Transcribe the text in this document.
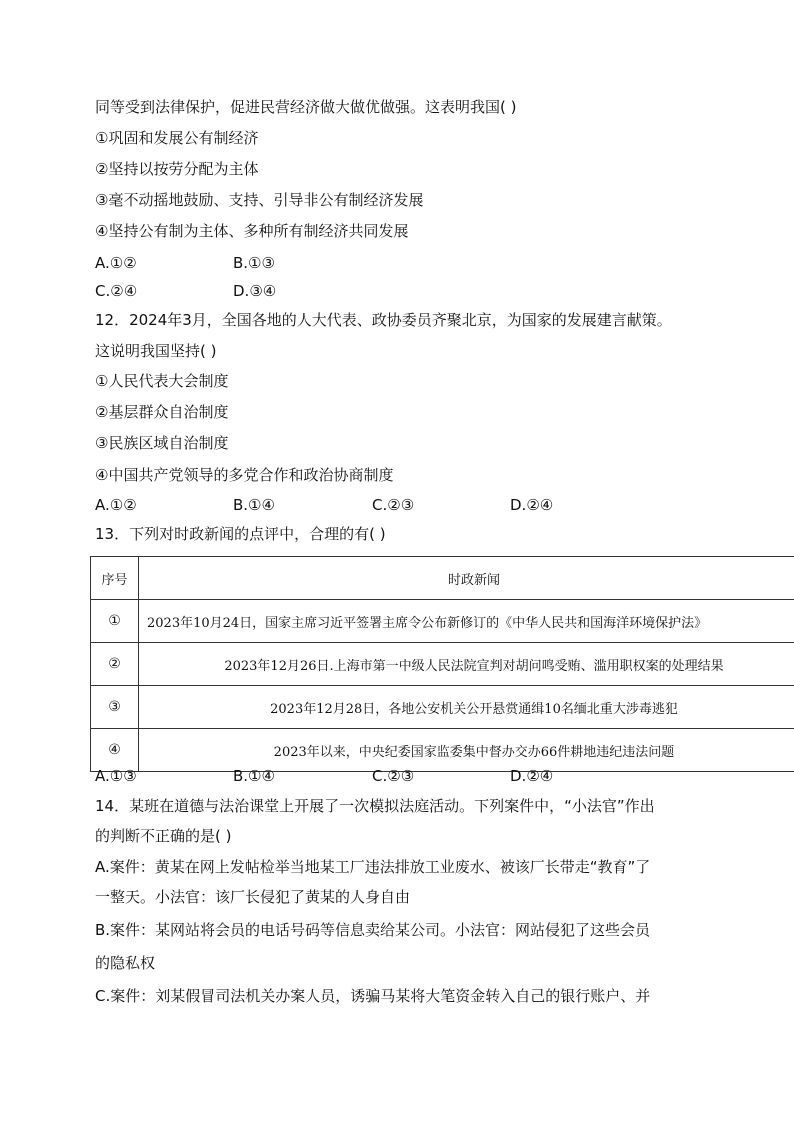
同等受到法律保护，促进民营经济做大做优做强。这表明我国( )
①巩固和发展公有制经济
②坚持以按劳分配为主体
③毫不动摇地鼓励、支持、引导非公有制经济发展
④坚持公有制为主体、多种所有制经济共同发展
A.①②	B.①③
C.②④	D.③④
12．2024年3月，全国各地的人大代表、政协委员齐聚北京，为国家的发展建言献策。
这说明我国坚持( )
①人民代表大会制度
②基层群众自治制度
③民族区域自治制度
④中国共产党领导的多党合作和政治协商制度
A.①②	B.①④	C.②③	D.②④
13．下列对时政新闻的点评中，合理的有( )
序号	时政新闻
①	2023年10月24日，国家主席习近平签署主席令公布新修订的《中华人民共和国海洋环境保护法》
②	2023年12月26日.上海市第一中级人民法院宣判对胡问鸣受贿、滥用职权案的处理结果
③	2023年12月28日，各地公安机关公开悬赏通缉10名缅北重大涉毒逃犯
④	2023年以来，中央纪委国家监委集中督办交办66件耕地违纪违法问题
A.①③	B.①④	C.②③	D.②④
14．某班在道德与法治课堂上开展了一次模拟法庭活动。下列案件中，“小法官”作出
的判断不正确的是( )
A.案件：黄某在网上发帖检举当地某工厂违法排放工业废水、被该厂长带走“教育”了
一整天。小法官：该厂长侵犯了黄某的人身自由
B.案件：某网站将会员的电话号码等信息卖给某公司。小法官：网站侵犯了这些会员
的隐私权
C.案件：刘某假冒司法机关办案人员，诱骗马某将大笔资金转入自己的银行账户、并
